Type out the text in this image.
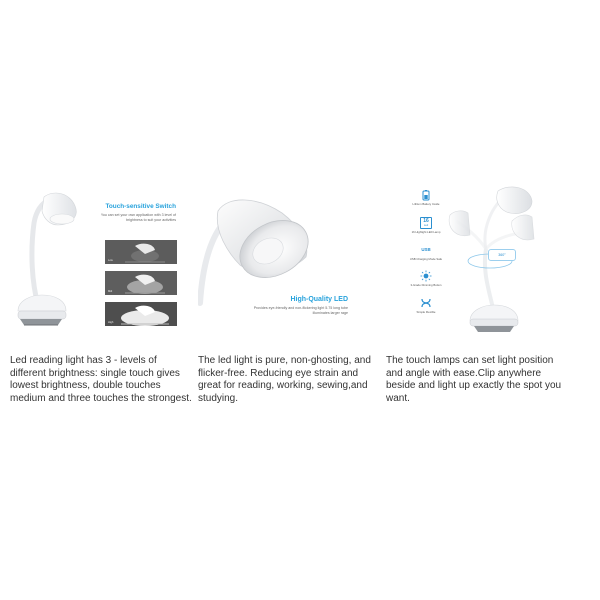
Touch-sensitive Switch
You can set your own application with 3 level of brightness to suit your activities
Low
Mid
High
Led reading light has 3 - levels of different brightness: single touch gives lowest brightness, double touches medium and three touches the strongest.
High-Quality LED
Provides eye-friendly and non-flickering light 5.75 long tube illuminates larger rage
The led light is pure, non-ghosting, and flicker-free. Reducing eye strain and great for reading, working, sewing,and studying.
Lithium Battery Inside
16
Led
16 Highlight LED Lamp
USB
USB Charging Mode Safe
3-Grade Dimming Button
Simple Flexible
360°
The touch lamps can set light position and angle with ease.Clip anywhere beside and light up exactly the spot you want.
